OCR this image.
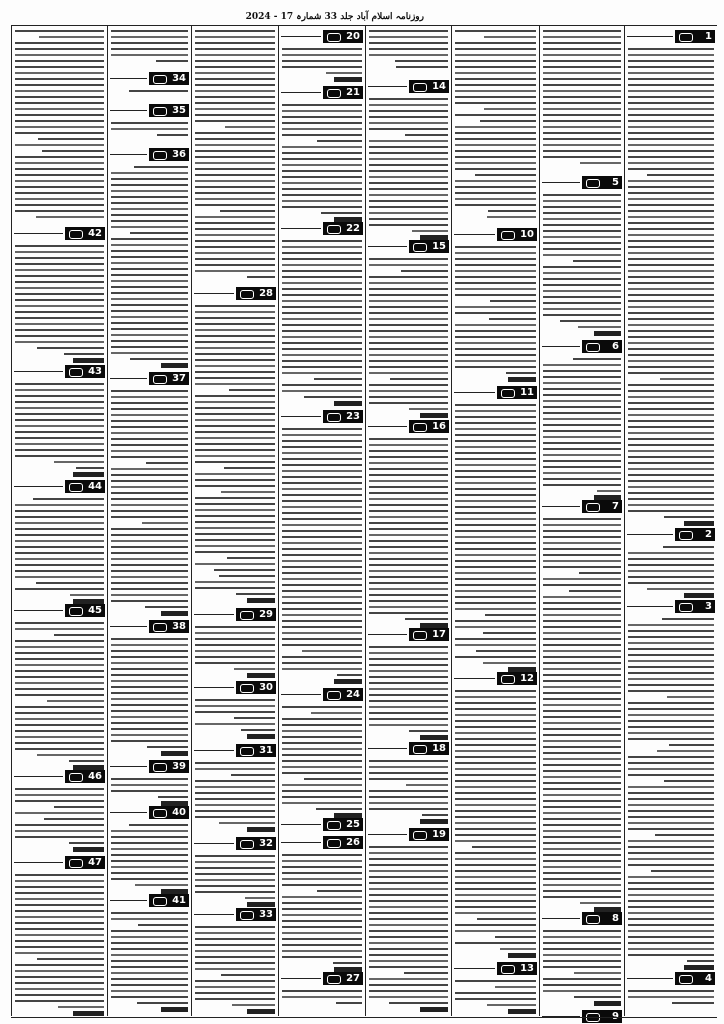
روزنامہ اسلام آباد جلد 33 شمارہ 17 - 2024
1
2
3
4
5
6
7
8
10
11
12
13
14
15
16
17
18
19
20
21
22
23
24
25
26
27
28
29
30
31
32
33
34
35
36
37
38
39
40
41
42
43
44
45
46
47
